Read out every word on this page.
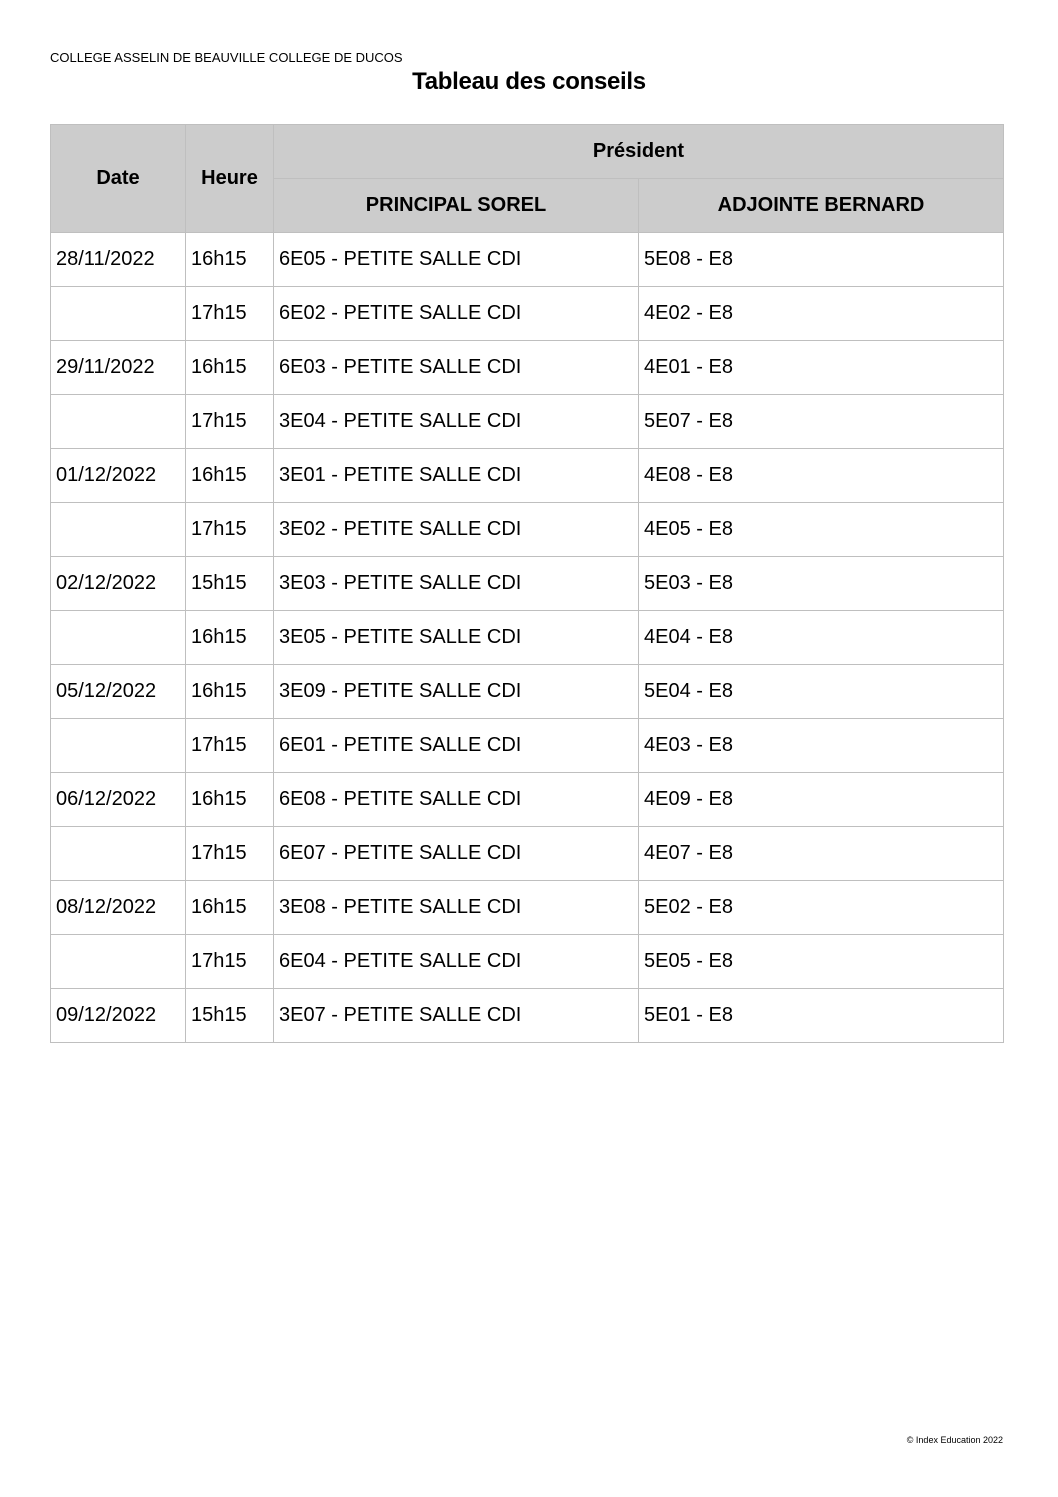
COLLEGE ASSELIN DE BEAUVILLE COLLEGE DE DUCOS
Tableau des conseils
Date	Heure	Président	
		PRINCIPAL SOREL	ADJOINTE BERNARD
28/11/2022	16h15	6E05 - PETITE SALLE CDI	5E08 - E8
	17h15	6E02 - PETITE SALLE CDI	4E02 - E8
29/11/2022	16h15	6E03 - PETITE SALLE CDI	4E01 - E8
	17h15	3E04 - PETITE SALLE CDI	5E07 - E8
01/12/2022	16h15	3E01 - PETITE SALLE CDI	4E08 - E8
	17h15	3E02 - PETITE SALLE CDI	4E05 - E8
02/12/2022	15h15	3E03 - PETITE SALLE CDI	5E03 - E8
	16h15	3E05 - PETITE SALLE CDI	4E04 - E8
05/12/2022	16h15	3E09 - PETITE SALLE CDI	5E04 - E8
	17h15	6E01 - PETITE SALLE CDI	4E03 - E8
06/12/2022	16h15	6E08 - PETITE SALLE CDI	4E09 - E8
	17h15	6E07 - PETITE SALLE CDI	4E07 - E8
08/12/2022	16h15	3E08 - PETITE SALLE CDI	5E02 - E8
	17h15	6E04 - PETITE SALLE CDI	5E05 - E8
09/12/2022	15h15	3E07 - PETITE SALLE CDI	5E01 - E8
© Index Education 2022
